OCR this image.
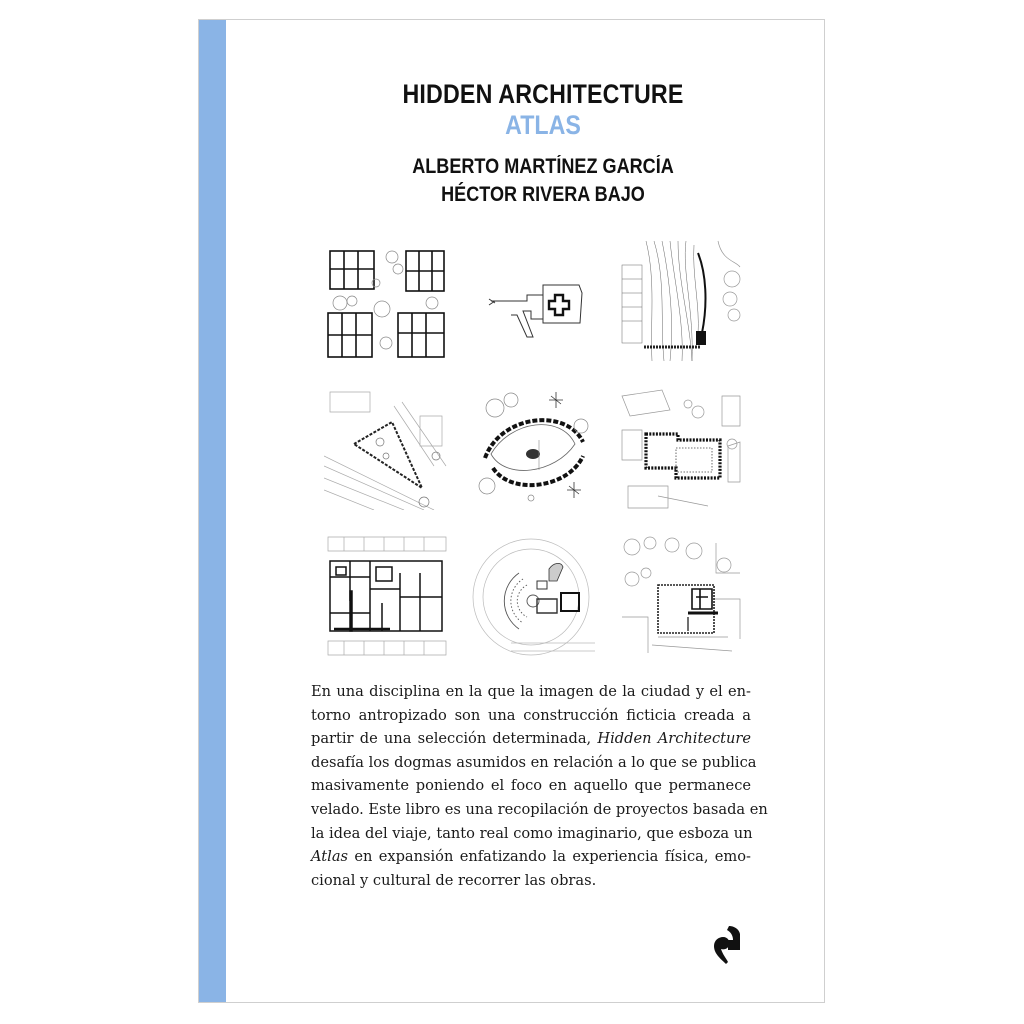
HIDDEN ARCHITECTURE
ATLAS
ALBERTO MARTÍNEZ GARCÍA
HÉCTOR RIVERA BAJO
En una disciplina en la que la imagen de la ciudad y el en-
torno antropizado son una construcción ficticia creada a
partir de una selección determinada, Hidden Architecture
desafía los dogmas asumidos en relación a lo que se publica
masivamente poniendo el foco en aquello que permanece
velado. Este libro es una recopilación de proyectos basada en
la idea del viaje, tanto real como imaginario, que esboza un
Atlas en expansión enfatizando la experiencia física, emo-
cional y cultural de recorrer las obras.
